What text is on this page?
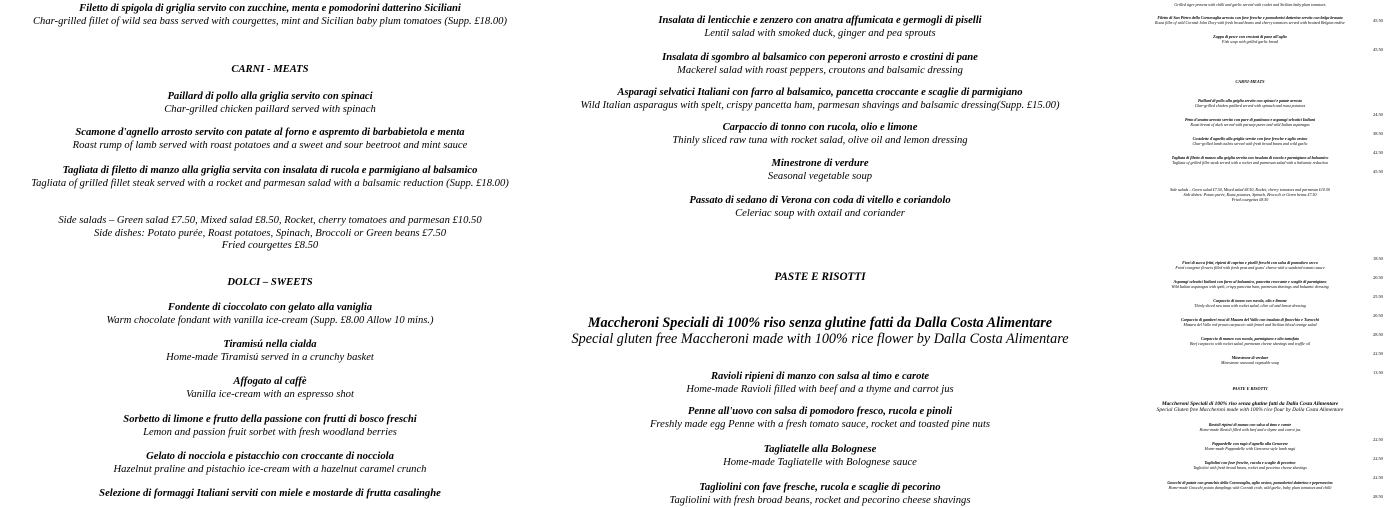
Filetto di spigola di griglia servito con zucchine, menta e pomodorini datterino Siciliani
Char-grilled fillet of wild sea bass served with courgettes, mint and Sicilian baby plum tomatoes (Supp. £18.00)
CARNI - MEATS
Paillard di pollo alla griglia servito con spinaci
Char-grilled chicken paillard served with spinach
Scamone d'agnello arrosto servito con patate al forno e asprетto di barbabietola e menta
Roast rump of lamb served with roast potatoes and a sweet and sour beetroot and mint sauce
Tagliata di filetto di manzo alla griglia servita con insalata di rucola e parmigiano al balsamico
Tagliata of grilled fillet steak served with a rocket and parmesan salad with a balsamic reduction (Supp. £18.00)
Side salads – Green salad £7.50, Mixed salad £8.50, Rocket, cherry tomatoes and parmesan £10.50
Side dishes: Potato purée, Roast potatoes, Spinach, Broccoli or Green beans £7.50
Fried courgettes £8.50
DOLCI – SWEETS
Fondente di cioccolato con gelato alla vaniglia
Warm chocolate fondant with vanilla ice-cream (Supp. £8.00 Allow 10 mins.)
Tiramisú nella cialda
Home-made Tiramisú served in a crunchy basket
Affogato al caffè
Vanilla ice-cream with an espresso shot
Sorbetto di limone e frutto della passione con frutti di bosco freschi
Lemon and passion fruit sorbet with fresh woodland berries
Gelato di nocciola e pistacchio con croccante di nocciola
Hazelnut praline and pistachio ice-cream with a hazelnut caramel crunch
Selezione di formaggi Italiani serviti con miele e mostarde di frutta casalinghe
Insalata di lenticchie e zenzero con anatra affumicata e germogli di piselli
Lentil salad with smoked duck, ginger and pea sprouts
Insalata di sgombro al balsamico con peperoni arrosto e crostini di pane
Mackerel salad with roast peppers, croutons and balsamic dressing
Asparagi selvatici Italiani con farro al balsamico, pancetta croccante e scaglie di parmigiano
Wild Italian asparagus with spelt, crispy pancetta ham, parmesan shavings and balsamic dressing(Supp. £15.00)
Carpaccio di tonno con rucola, olio e limone
Thinly sliced raw tuna with rocket salad, olive oil and lemon dressing
Minestrone di verdure
Seasonal vegetable soup
Passato di sedano di Verona con coda di vitello e coriandolo
Celeriac soup with oxtail and coriander
PASTE E RISOTTI
Maccheroni Speciali di 100% riso senza glutine fatti da Dalla Costa Alimentare
Special gluten free Maccheroni made with 100% rice flower by Dalla Costa Alimentare
Ravioli ripieni di manzo con salsa al timo e carote
Home-made Ravioli filled with beef and a thyme and carrot jus
Penne all'uovo con salsa di pomodoro fresco, rucola e pinoli
Freshly made egg Penne with a fresh tomato sauce, rocket and toasted pine nuts
Tagliatelle alla Bolognese
Home-made Tagliatelle with Bolognese sauce
Tagliolini con fave fresche, rucola e scaglie di pecorino
Tagliolini with fresh broad beans, rocket and pecorino cheese shavings
Grilled tiger prawns with chilli and garlic served with rocket and Sicilian baby plum tomatoes
Filetto di San Pietro della Cornovaglia arrosto con fave fresche e pomodorini datterino servito con belga brasata
Roast fillet of wild Cornish John Dory with fresh broad beans and cherry tomatoes served with braised Belgian endive
Zuppa di pesce con crostoni di pane all'aglio
Fish soup with grilled garlic bread
CARNI-MEATS
Paillard di pollo alla griglia servito con spinaci e patate arrosto
Char-grilled chicken paillard served with spinach and roast potatoes
Petto d'anatra arrosto servito con pure di pastinaca e asparagi selvatici Italiani
Roast breast of duck served with parsnip puree and wild Italian asparagus
Costolette d'agnello alla griglia servite con fave fresche e aglio orsino
Char-grilled lamb cutlets served with fresh broad beans and wild garlic
Tagliata di filetto di manzo alla griglia servita con insalata di rucola e parmigiano al balsamico
Tagliata of grilled fillet steak served with a rocket and parmesan salad with a balsamic reduction
Side salads – Green salad £7.50, Mixed salad £8.50, Rocket, cherry tomatoes and parmesan £10.50
Side dishes: Potato purée, Roast potatoes, Spinach, Broccoli or Green beans £7.50
Fried courgettes £8.50
Fiori di zucca fritti, ripieni di caprino e piselli freschi con salsa di pomodoro secco
Fried courgette flowers filled with fresh peas and goats' cheese with a sundried tomato sauce
Asparagi selvatici Italiani con farro al balsamico, pancetta croccante e scaglie di parmigiano
Wild Italian asparagus with spelt, crispy pancetta ham, parmesan shavings and balsamic dressing
Carpaccio di tonno con rucola, olio e limone
Thinly sliced raw tuna with rocket salad, olive oil and lemon dressing
Carpaccio di gamberi rossi di Mazara del Vallo con insalata di finocchio e Turocchi
Mazara del Vallo red prawn carpaccio with fennel and Sicilian blood orange salad
Carpaccio di manzo con rucola, parmigiano e olio tartufato
Beef carpaccio with rocket salad, parmesan cheese shavings and truffle oil
Minestrone di verdure
Minestrone seasonal vegetable soup
PASTE E RISOTTI
Maccheroni Speciali di 100% riso senza glutine fatti da Dalla Costa Alimentare
Special Gluten free Maccheroni made with 100% rice flour by Dalla Costa Alimentare
Ravioli ripieni di manzo con salsa al timo e carote
Home-made Ravioli filled with beef and a thyme and carrot jus
Pappardelle con ragù d'agnello alla Genovese
Home-made Pappardelle with Genovese style lamb ragù
Tagliolini con fave fresche, rucola e scaglie di pecorino
Tagliolini with fresh broad beans, rocket and pecorino cheese shavings
Gnocchi di patate con granchio della Cornovaglia, aglio orsino, pomodorini datterino e peperoncino
Home-made Gnocchi potato dumplings with Cornish crab, wild garlic, baby plum tomatoes and chilli
45.50
45.50
24.50
38.50
42.50
45.50
18.50
20.50
25.50
20.50
28.50
22.50
13.50
22.50
22.50
22.50
28.50
